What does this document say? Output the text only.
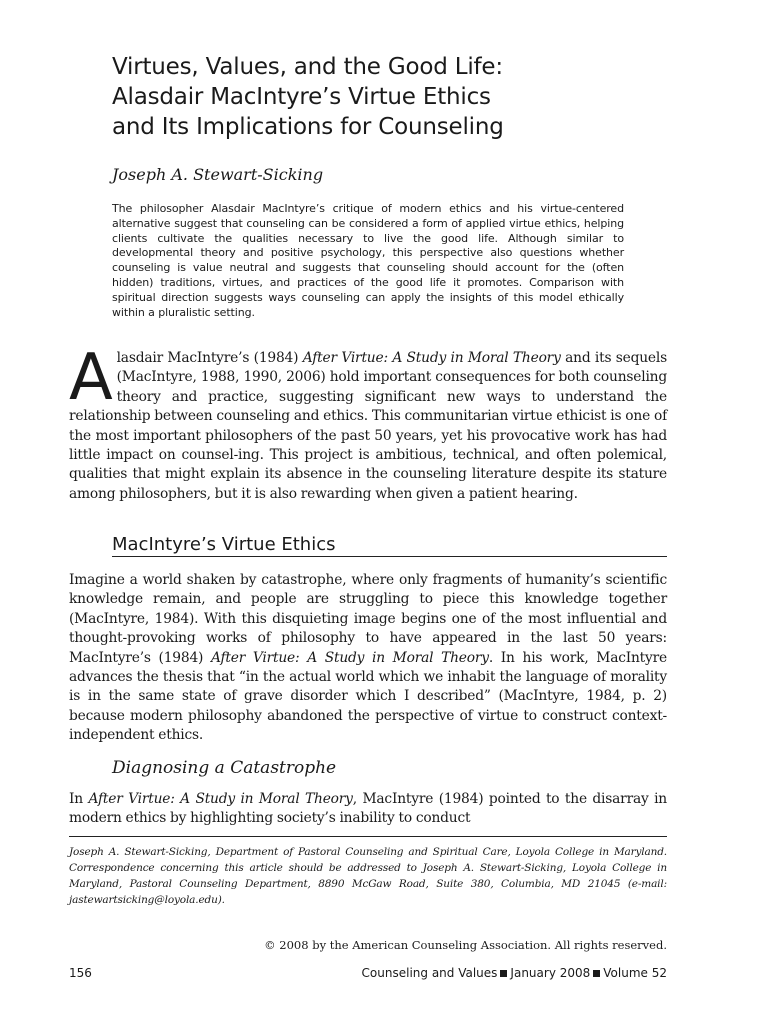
Virtues, Values, and the Good Life:
Alasdair MacIntyre’s Virtue Ethics
and Its Implications for Counseling

Joseph A. Stewart-Sicking

The philosopher Alasdair MacIntyre’s critique of modern ethics and his virtue-centered alternative suggest that counseling can be considered a form of applied virtue ethics, helping clients cultivate the qualities necessary to live the good life. Although similar to developmental theory and positive psychology, this perspective also questions whether counseling is value neutral and suggests that counseling should account for the (often hidden) traditions, virtues, and practices of the good life it promotes. Comparison with spiritual direction suggests ways counseling can apply the insights of this model ethically within a pluralistic setting.

Alasdair MacIntyre’s (1984) After Virtue: A Study in Moral Theory and its sequels (MacIntyre, 1988, 1990, 2006) hold important consequences for both counseling theory and practice, suggesting significant new ways to understand the relationship between counseling and ethics. This communitarian virtue ethicist is one of the most important philosophers of the past 50 years, yet his provocative work has had little impact on counsel-ing. This project is ambitious, technical, and often polemical, qualities that might explain its absence in the counseling literature despite its stature among philosophers, but it is also rewarding when given a patient hearing.

MacIntyre’s Virtue Ethics

Imagine a world shaken by catastrophe, where only fragments of humanity’s scientific knowledge remain, and people are struggling to piece this knowledge together (MacIntyre, 1984). With this disquieting image begins one of the most influential and thought-provoking works of philosophy to have appeared in the last 50 years: MacIntyre’s (1984) After Virtue: A Study in Moral Theory. In his work, MacIntyre advances the thesis that “in the actual world which we inhabit the language of morality is in the same state of grave disorder which I described” (MacIntyre, 1984, p. 2) because modern philosophy abandoned the perspective of virtue to construct context-independent ethics.

Diagnosing a Catastrophe

In After Virtue: A Study in Moral Theory, MacIntyre (1984) pointed to the disarray in modern ethics by highlighting society’s inability to conduct

Joseph A. Stewart-Sicking, Department of Pastoral Counseling and Spiritual Care, Loyola College in Maryland. Correspondence concerning this article should be addressed to Joseph A. Stewart-Sicking, Loyola College in Maryland, Pastoral Counseling Department, 8890 McGaw Road, Suite 380, Columbia, MD 21045 (e-mail: jastewartsicking@loyola.edu).

© 2008 by the American Counseling Association. All rights reserved.

156	Counseling and Values January 2008 Volume 52
